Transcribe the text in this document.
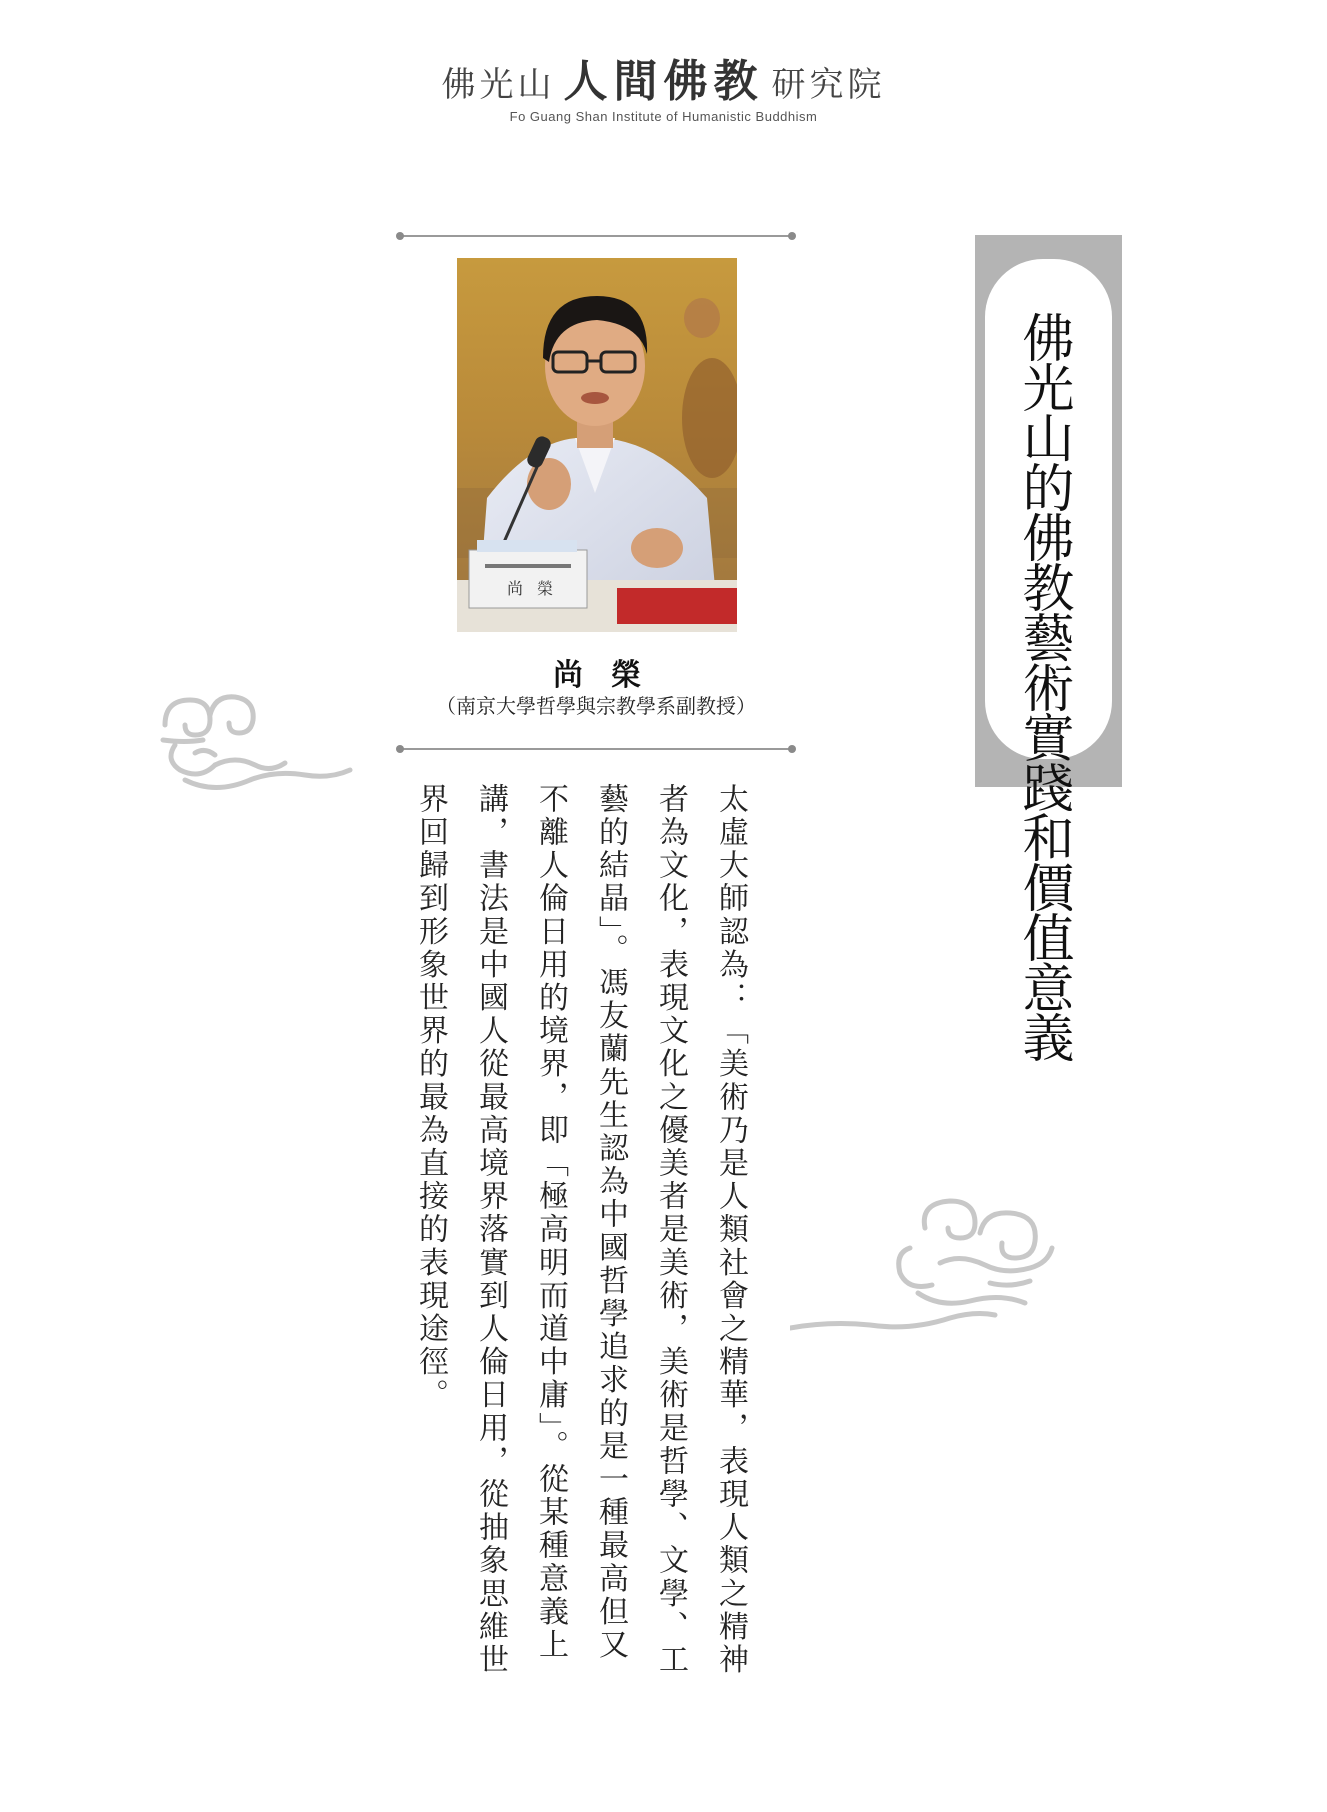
佛光山 人間佛教 研究院
Fo Guang Shan Institute of Humanistic Buddhism
尚 榮
尚榮
（南京大學哲學與宗教學系副教授）
佛
光
山
的
佛
教
藝
術
實
踐
和
價
值
意
義
太虛大師認為：「美術乃是人類社會之精華，表現人類之精神者為文化，表現文化之優美者是美術，美術是哲學、文學、工藝的結晶」。馮友蘭先生認為中國哲學追求的是一種最高但又不離人倫日用的境界，即「極高明而道中庸」。從某種意義上講，書法是中國人從最高境界落實到人倫日用，從抽象思維世界回歸到形象世界的最為直接的表現途徑。
